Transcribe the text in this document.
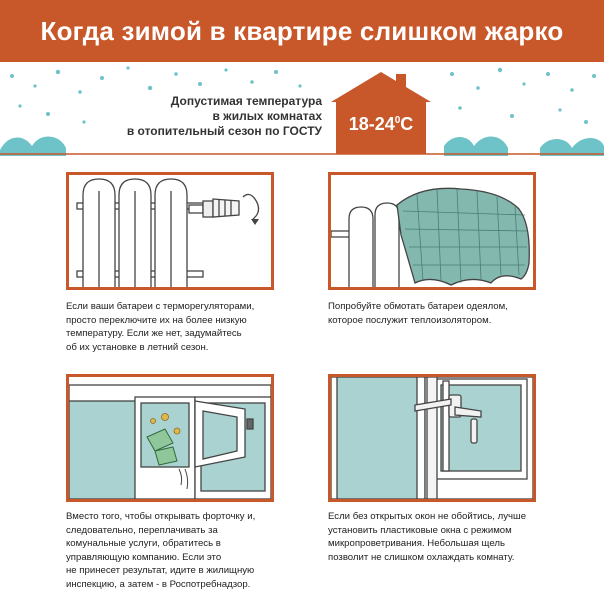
Когда зимой в квартире слишком жарко
Допустимая температура
в жилых комнатах
в отопительный сезон по ГОСТУ	$18-24^0C$
Если ваши батареи с терморегуляторами,
просто переключите их на более низкую
температуру. Если же нет, задумайтесь
об их установке в летний сезон.
Попробуйте обмотать батареи одеялом,
которое послужит теплоизолятором.
Вместо того, чтобы открывать форточку и,
следовательно, переплачивать за
комунальные услуги, обратитесь в
управляющую компанию. Если это
не принесет результат, идите в жилищную
инспекцию, а затем - в Роспотребнадзор.
Если без открытых окон не обойтись, лучше
установить пластиковые окна с режимом
микропроветривания. Небольшая щель
позволит не слишком охлаждать комнату.
